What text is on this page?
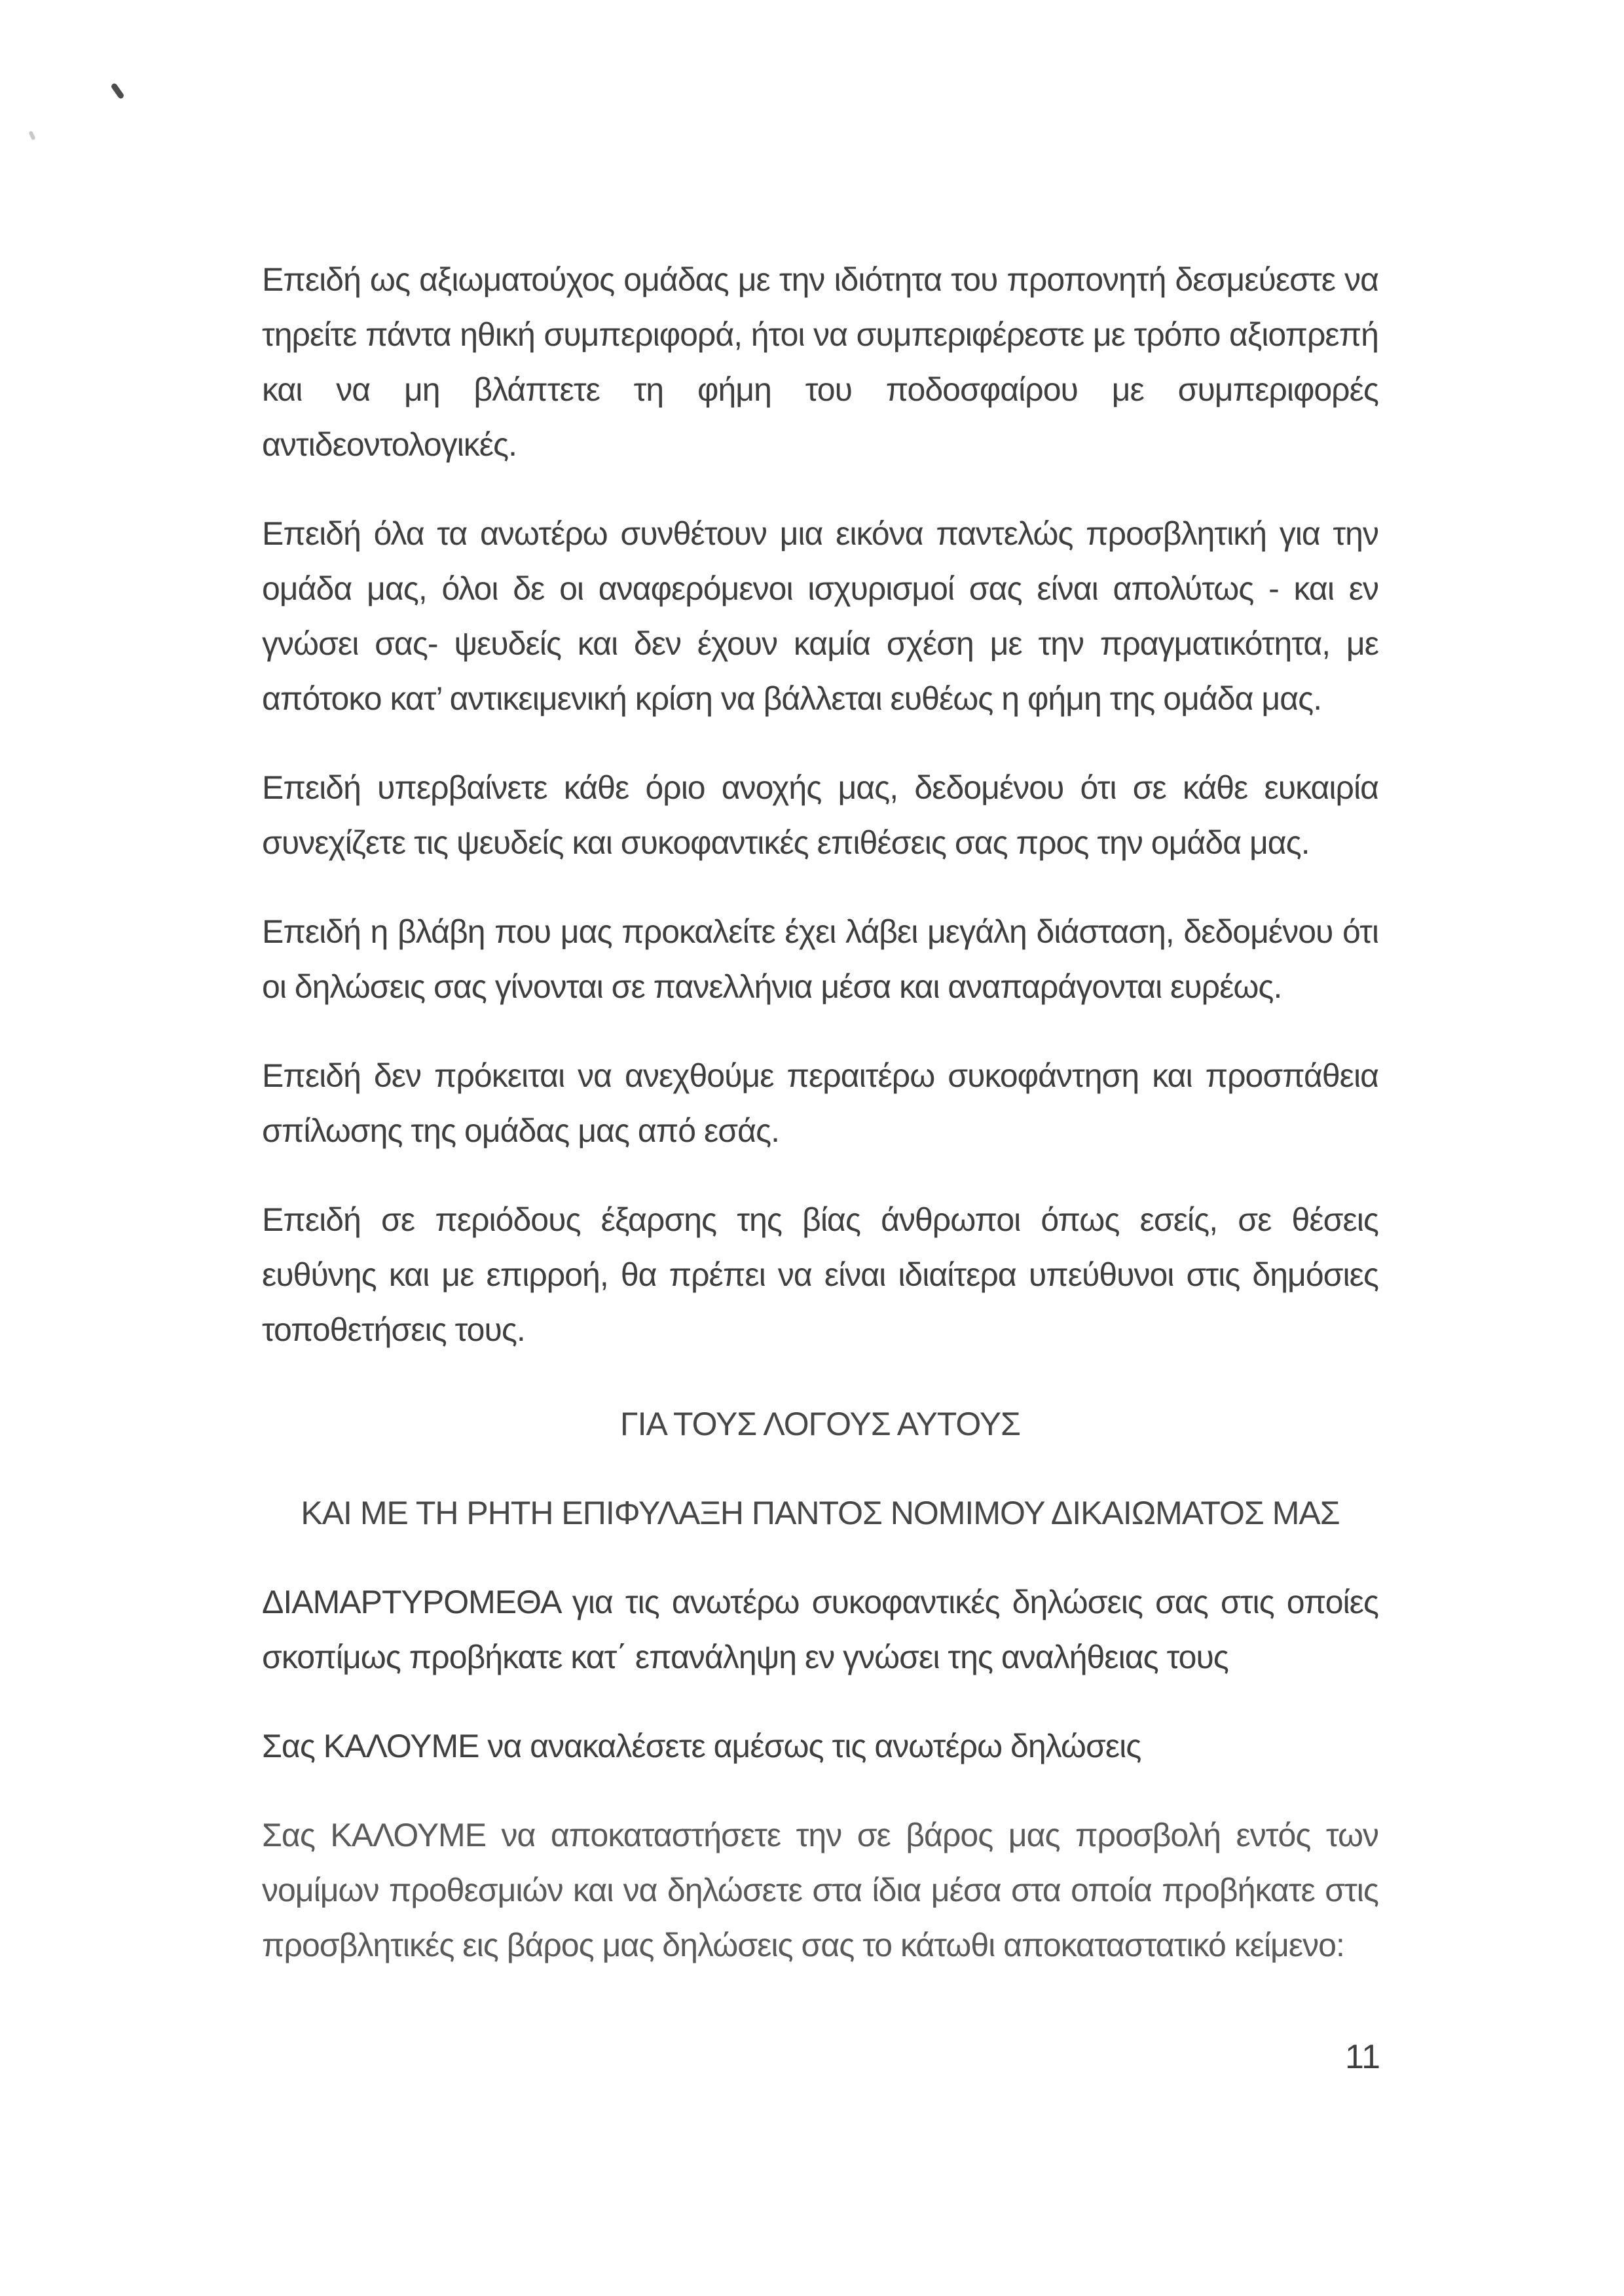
Επειδή ως αξιωματούχος ομάδας με την ιδιότητα του προπονητή δεσμεύεστε να τηρείτε πάντα ηθική συμπεριφορά, ήτοι να συμπεριφέρεστε με τρόπο αξιοπρεπή και να μη βλάπτετε τη φήμη του ποδοσφαίρου με συμπεριφορές αντιδεοντολογικές.

Επειδή όλα τα ανωτέρω συνθέτουν μια εικόνα παντελώς προσβλητική για την ομάδα μας, όλοι δε οι αναφερόμενοι ισχυρισμοί σας είναι απολύτως - και εν γνώσει σας- ψευδείς και δεν έχουν καμία σχέση με την πραγματικότητα, με απότοκο κατ’ αντικειμενική κρίση να βάλλεται ευθέως η φήμη της ομάδα μας.

Επειδή υπερβαίνετε κάθε όριο ανοχής μας, δεδομένου ότι σε κάθε ευκαιρία συνεχίζετε τις ψευδείς και συκοφαντικές επιθέσεις σας προς την ομάδα μας.

Επειδή η βλάβη που μας προκαλείτε έχει λάβει μεγάλη διάσταση, δεδομένου ότι οι δηλώσεις σας γίνονται σε πανελλήνια μέσα και αναπαράγονται ευρέως.

Επειδή δεν πρόκειται να ανεχθούμε περαιτέρω συκοφάντηση και προσπάθεια σπίλωσης της ομάδας μας από εσάς.

Επειδή σε περιόδους έξαρσης της βίας άνθρωποι όπως εσείς, σε θέσεις ευθύνης και με επιρροή, θα πρέπει να είναι ιδιαίτερα υπεύθυνοι στις δημόσιες τοποθετήσεις τους.

ΓΙΑ ΤΟΥΣ ΛΟΓΟΥΣ ΑΥΤΟΥΣ

ΚΑΙ ΜΕ ΤΗ ΡΗΤΗ ΕΠΙΦΥΛΑΞΗ ΠΑΝΤΟΣ ΝΟΜΙΜΟΥ ΔΙΚΑΙΩΜΑΤΟΣ ΜΑΣ

ΔΙΑΜΑΡΤΥΡΟΜΕΘΑ για τις ανωτέρω συκοφαντικές δηλώσεις σας στις οποίες σκοπίμως προβήκατε κατ΄ επανάληψη εν γνώσει της αναλήθειας τους

Σας ΚΑΛΟΥΜΕ να ανακαλέσετε αμέσως τις ανωτέρω δηλώσεις

Σας ΚΑΛΟΥΜΕ να αποκαταστήσετε την σε βάρος μας προσβολή εντός των νομίμων προθεσμιών και να δηλώσετε στα ίδια μέσα στα οποία προβήκατε στις προσβλητικές εις βάρος μας δηλώσεις σας το κάτωθι αποκαταστατικό κείμενο:

11
